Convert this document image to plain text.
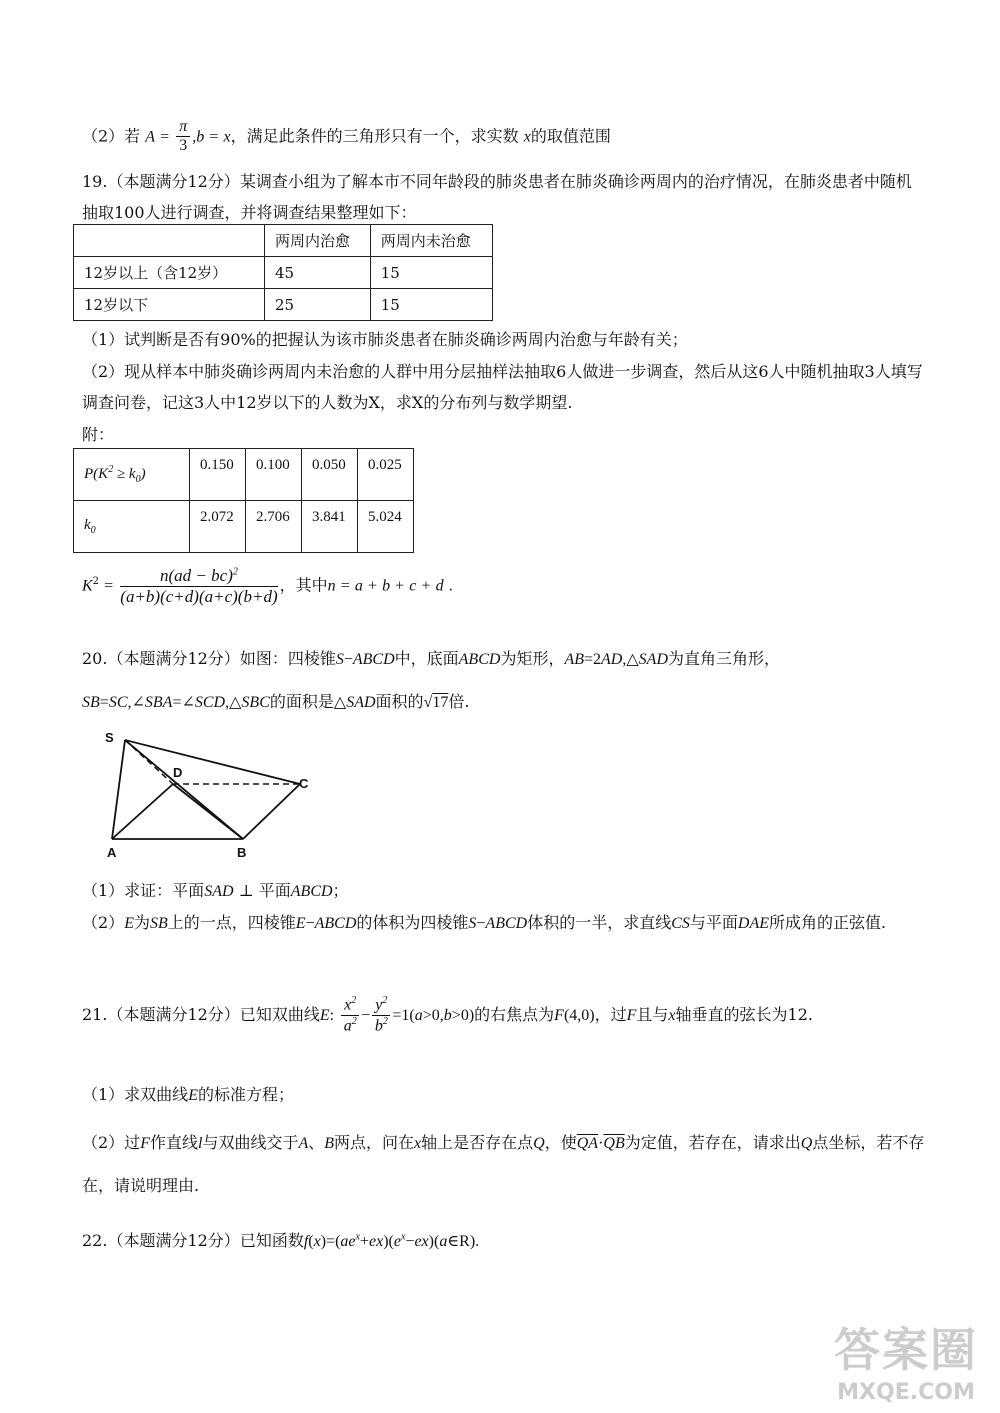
（2）若 $A = \frac{\pi}{3} ,b = x$，满足此条件的三角形只有一个，求实数 x的取值范围
19.（本题满分12分）某调查小组为了解本市不同年龄段的肺炎患者在肺炎确诊两周内的治疗情况，在肺炎患者中随机抽取100人进行调查，并将调查结果整理如下：
	两周内治愈	两周内未治愈
12岁以上（含12岁）	45	15
12岁以下	25	15
（1）试判断是否有90%的把握认为该市肺炎患者在肺炎确诊两周内治愈与年龄有关；
（2）现从样本中肺炎确诊两周内未治愈的人群中用分层抽样法抽取6人做进一步调查，然后从这6人中随机抽取3人填写调查问卷，记这3人中12岁以下的人数为X，求X的分布列与数学期望.
附：
$P(K^2 \ge k_0)$	0.150	0.100	0.050	0.025
$k_0$	2.072	2.706	3.841	5.024
$K^2 = \frac{n(ad - bc)^2}{(a+b)(c+d)(a+c)(b+d)}$ ，其中n = a + b + c + d .
20.（本题满分12分）如图：四棱锥S−ABCD中，底面ABCD为矩形，AB=2AD,△SAD为直角三角形，SB=SC,∠SBA=∠SCD,△SBC的面积是△SAD面积的√17倍.
S
D
C
A	B
（1）求证：平面SAD ⊥ 平面ABCD；
（2）E为SB上的一点，四棱锥E−ABCD的体积为四棱锥S−ABCD体积的一半，求直线CS与平面DAE所成角的正弦值.
21.（本题满分12分）已知双曲线E: $\frac{x^2}{a^2} - \frac{y^2}{b^2} =1(a>0,b>0)$的右焦点为F(4,0)，过F且与x轴垂直的弦长为12.
（1）求双曲线E的标准方程；
（2）过F作直线l与双曲线交于A、B两点，问在x轴上是否存在点Q，使$\overline{QA}\cdot\overline{QB}$为定值，若存在，请求出Q点坐标，若不存在，请说明理由.
22.（本题满分12分）已知函数$f(x)=(ae^x+ex)(e^x-ex)(a\in R)$.
答案圈
MXQE.COM
